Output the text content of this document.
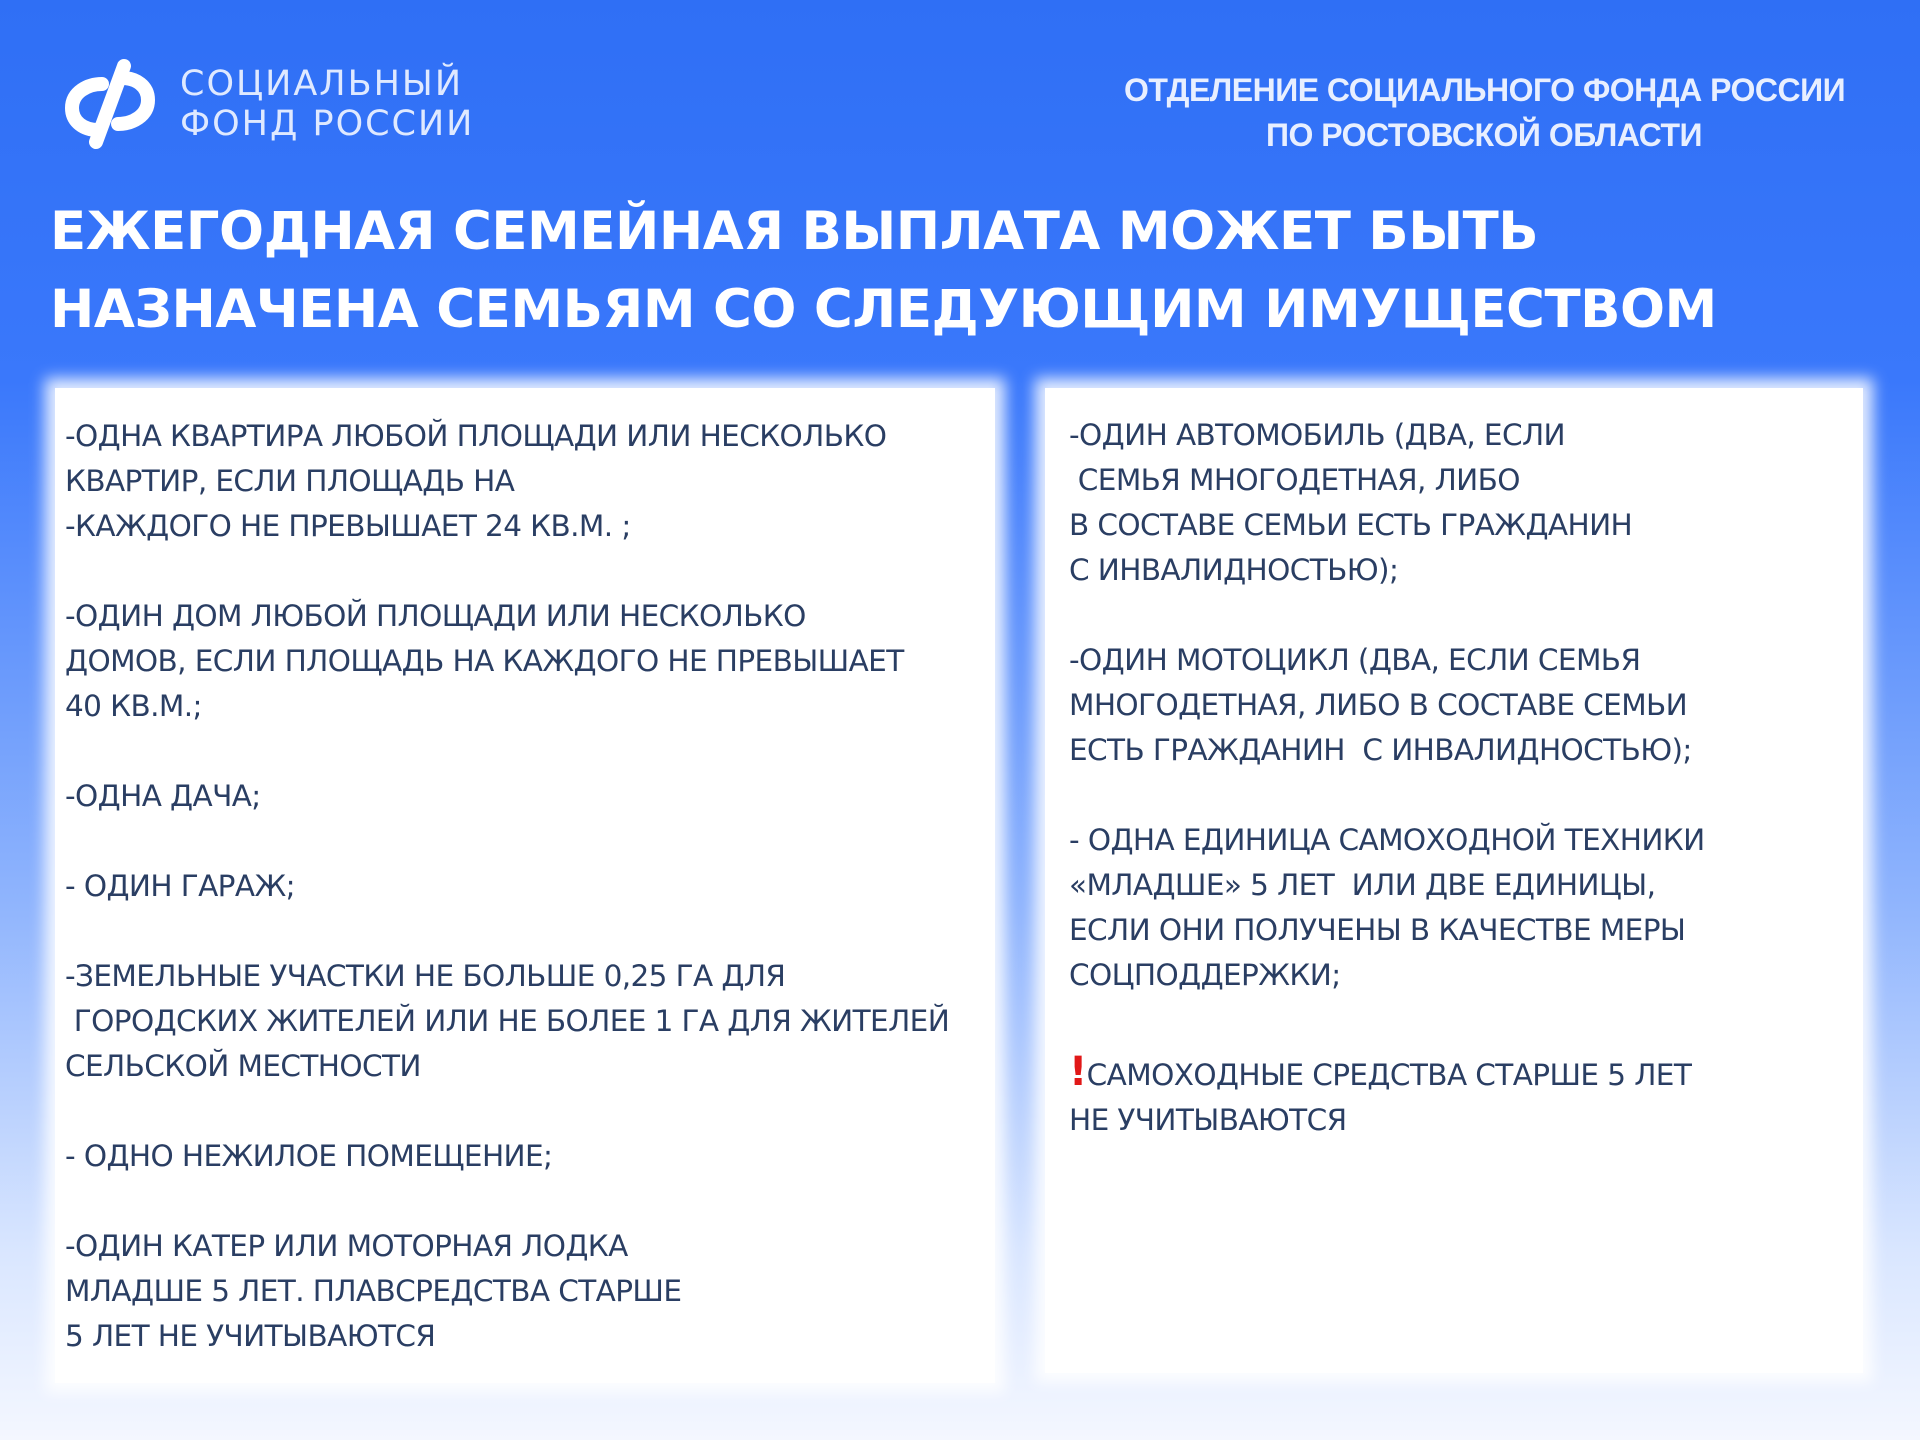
СОЦИАЛЬНЫЙ
ФОНД РОССИИ
ОТДЕЛЕНИЕ СОЦИАЛЬНОГО ФОНДА РОССИИ
ПО РОСТОВСКОЙ ОБЛАСТИ
ЕЖЕГОДНАЯ СЕМЕЙНАЯ ВЫПЛАТА МОЖЕТ БЫТЬ
НАЗНАЧЕНА СЕМЬЯМ СО СЛЕДУЮЩИМ ИМУЩЕСТВОМ
-ОДНА КВАРТИРА ЛЮБОЙ ПЛОЩАДИ ИЛИ НЕСКОЛЬКО
КВАРТИР, ЕСЛИ ПЛОЩАДЬ НА
-КАЖДОГО НЕ ПРЕВЫШАЕТ 24 КВ.М. ;
-ОДИН ДОМ ЛЮБОЙ ПЛОЩАДИ ИЛИ НЕСКОЛЬКО
ДОМОВ, ЕСЛИ ПЛОЩАДЬ НА КАЖДОГО НЕ ПРЕВЫШАЕТ
40 КВ.М.;
-ОДНА ДАЧА;
- ОДИН ГАРАЖ;
-ЗЕМЕЛЬНЫЕ УЧАСТКИ НЕ БОЛЬШЕ 0,25 ГА ДЛЯ
ГОРОДСКИХ ЖИТЕЛЕЙ ИЛИ НЕ БОЛЕЕ 1 ГА ДЛЯ ЖИТЕЛЕЙ
СЕЛЬСКОЙ МЕСТНОСТИ
- ОДНО НЕЖИЛОЕ ПОМЕЩЕНИЕ;
-ОДИН КАТЕР ИЛИ МОТОРНАЯ ЛОДКА
МЛАДШЕ 5 ЛЕТ. ПЛАВСРЕДСТВА СТАРШЕ
5 ЛЕТ НЕ УЧИТЫВАЮТСЯ
-ОДИН АВТОМОБИЛЬ (ДВА, ЕСЛИ
СЕМЬЯ МНОГОДЕТНАЯ, ЛИБО
В СОСТАВЕ СЕМЬИ ЕСТЬ ГРАЖДАНИН
С ИНВАЛИДНОСТЬЮ);
-ОДИН МОТОЦИКЛ (ДВА, ЕСЛИ СЕМЬЯ
МНОГОДЕТНАЯ, ЛИБО В СОСТАВЕ СЕМЬИ
ЕСТЬ ГРАЖДАНИН  С ИНВАЛИДНОСТЬЮ);
- ОДНА ЕДИНИЦА САМОХОДНОЙ ТЕХНИКИ
«МЛАДШЕ» 5 ЛЕТ  ИЛИ ДВЕ ЕДИНИЦЫ,
ЕСЛИ ОНИ ПОЛУЧЕНЫ В КАЧЕСТВЕ МЕРЫ
СОЦПОДДЕРЖКИ;
!САМОХОДНЫЕ СРЕДСТВА СТАРШЕ 5 ЛЕТ
НЕ УЧИТЫВАЮТСЯ
